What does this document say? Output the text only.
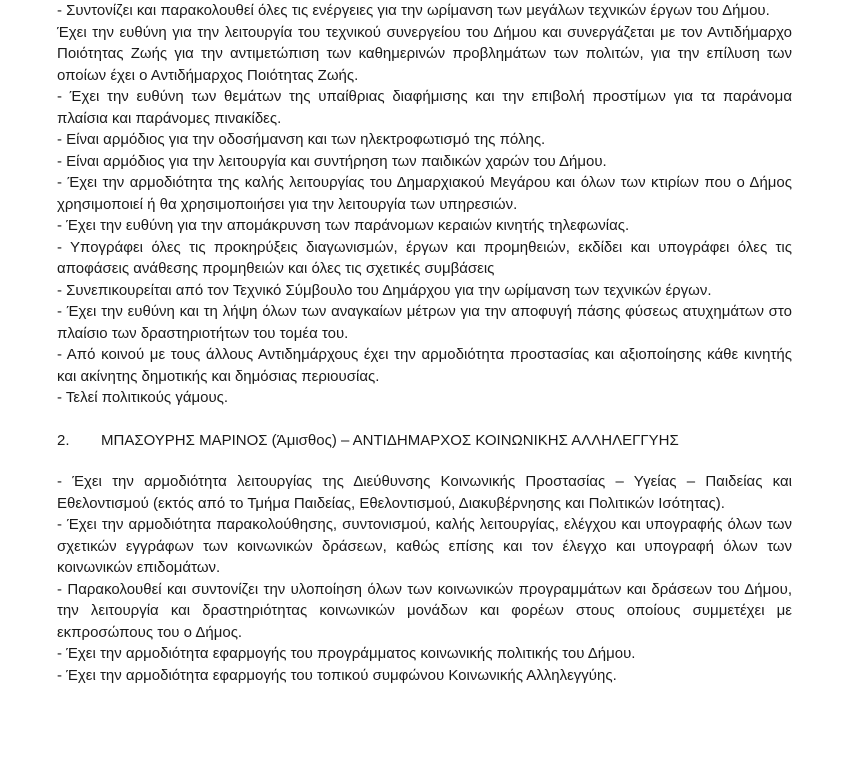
- Συντονίζει και παρακολουθεί όλες τις ενέργειες για την ωρίμανση των μεγάλων τεχνικών έργων του Δήμου.

Έχει την ευθύνη για την λειτουργία του τεχνικού συνεργείου του Δήμου και συνεργάζεται με τον Αντιδήμαρχο Ποιότητας Ζωής για την αντιμετώπιση των καθημερινών προβλημάτων των πολιτών, για την επίλυση των οποίων έχει ο Αντιδήμαρχος Ποιότητας Ζωής.

- Έχει την ευθύνη των θεμάτων της υπαίθριας διαφήμισης και την επιβολή προστίμων για τα παράνομα πλαίσια και παράνομες πινακίδες.

- Είναι αρμόδιος για την οδοσήμανση και των ηλεκτροφωτισμό της πόλης.

- Είναι αρμόδιος για την λειτουργία και συντήρηση των παιδικών χαρών του Δήμου.

- Έχει την αρμοδιότητα της καλής λειτουργίας του Δημαρχιακού Μεγάρου και όλων των κτιρίων που ο Δήμος χρησιμοποιεί ή θα χρησιμοποιήσει για την λειτουργία των υπηρεσιών.

- Έχει την ευθύνη για την απομάκρυνση των παράνομων κεραιών κινητής τηλεφωνίας.

- Υπογράφει όλες τις προκηρύξεις διαγωνισμών, έργων και προμηθειών, εκδίδει και υπογράφει όλες τις αποφάσεις ανάθεσης προμηθειών και όλες τις σχετικές συμβάσεις

- Συνεπικουρείται από τον Τεχνικό Σύμβουλο του Δημάρχου για την ωρίμανση των τεχνικών έργων.

- Έχει την ευθύνη και τη λήψη όλων των αναγκαίων μέτρων για την αποφυγή πάσης φύσεως ατυχημάτων στο πλαίσιο των δραστηριοτήτων του τομέα του.

- Από κοινού με τους άλλους Αντιδημάρχους έχει την αρμοδιότητα προστασίας και αξιοποίησης κάθε κινητής και ακίνητης δημοτικής και δημόσιας περιουσίας.

- Τελεί πολιτικούς γάμους.

2.	ΜΠΑΣΟΥΡΗΣ ΜΑΡΙΝΟΣ (Άμισθος) – ΑΝΤΙΔΗΜΑΡΧΟΣ ΚΟΙΝΩΝΙΚΗΣ ΑΛΛΗΛΕΓΓΥΗΣ

- Έχει την αρμοδιότητα λειτουργίας της Διεύθυνσης Κοινωνικής Προστασίας – Υγείας – Παιδείας και Εθελοντισμού (εκτός από το Τμήμα Παιδείας, Εθελοντισμού, Διακυβέρνησης και Πολιτικών Ισότητας).

- Έχει την αρμοδιότητα παρακολούθησης, συντονισμού, καλής λειτουργίας, ελέγχου και υπογραφής όλων των σχετικών εγγράφων των κοινωνικών δράσεων, καθώς επίσης και τον έλεγχο και υπογραφή όλων των κοινωνικών επιδομάτων.

- Παρακολουθεί και συντονίζει την υλοποίηση όλων των κοινωνικών προγραμμάτων και δράσεων του Δήμου, την λειτουργία και δραστηριότητας κοινωνικών μονάδων και φορέων στους οποίους συμμετέχει με εκπροσώπους του ο Δήμος.

- Έχει την αρμοδιότητα εφαρμογής του προγράμματος κοινωνικής πολιτικής του Δήμου.

- Έχει την αρμοδιότητα εφαρμογής του τοπικού συμφώνου Κοινωνικής Αλληλεγγύης.
